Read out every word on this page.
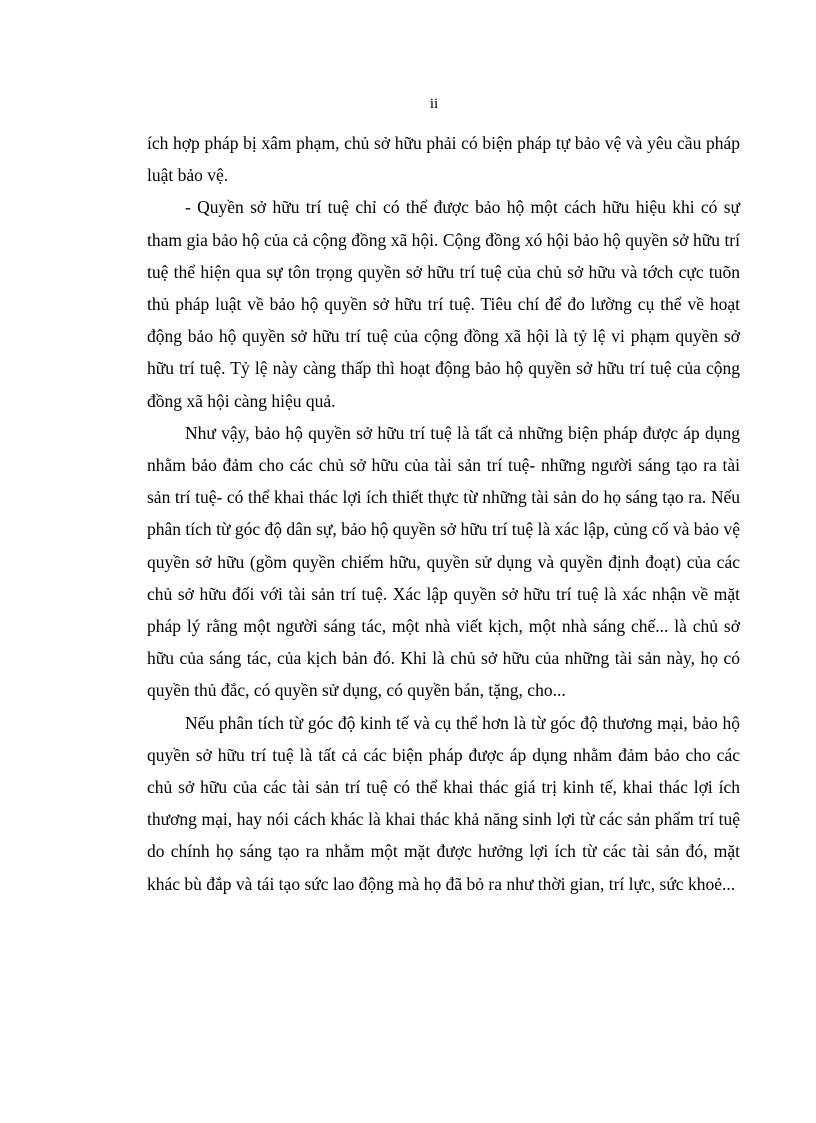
ii

ích hợp pháp bị xâm phạm, chủ sở hữu phải có biện pháp tự bảo vệ và yêu cầu pháp luật bảo vệ.

- Quyền sở hữu trí tuệ chỉ có thể được bảo hộ một cách hữu hiệu khi có sự tham gia bảo hộ của cả cộng đồng xã hội. Cộng đồng xó hội bảo hộ quyền sở hữu trí tuệ thể hiện qua sự tôn trọng quyền sở hữu trí tuệ của chủ sở hữu và tớch cực tuõn thủ pháp luật về bảo hộ quyền sở hữu trí tuệ. Tiêu chí để đo lường cụ thể về hoạt động bảo hộ quyền sở hữu trí tuệ của cộng đồng xã hội là tỷ lệ vi phạm quyền sở hữu trí tuệ. Tỷ lệ này càng thấp thì hoạt động bảo hộ quyền sở hữu trí tuệ của cộng đồng xã hội càng hiệu quả.

Như vậy, bảo hộ quyền sở hữu trí tuệ là tất cả những biện pháp được áp dụng nhằm bảo đảm cho các chủ sở hữu của tài sản trí tuệ- những người sáng tạo ra tài sản trí tuệ- có thể khai thác lợi ích thiết thực từ những tài sản do họ sáng tạo ra. Nếu phân tích từ góc độ dân sự, bảo hộ quyền sở hữu trí tuệ là xác lập, củng cố và bảo vệ quyền sở hữu (gồm quyền chiếm hữu, quyền sử dụng và quyền định đoạt) của các chủ sở hữu đối với tài sản trí tuệ. Xác lập quyền sở hữu trí tuệ là xác nhận về mặt pháp lý rằng một người sáng tác, một nhà viết kịch, một nhà sáng chế... là chủ sở hữu của sáng tác, của kịch bản đó. Khi là chủ sở hữu của những tài sản này, họ có quyền thủ đắc, có quyền sử dụng, có quyền bán, tặng, cho...

Nếu phân tích từ góc độ kinh tế và cụ thể hơn là từ góc độ thương mại, bảo hộ quyền sở hữu trí tuệ là tất cả các biện pháp được áp dụng nhằm đảm bảo cho các chủ sở hữu của các tài sản trí tuệ có thể khai thác giá trị kinh tế, khai thác lợi ích thương mại, hay nói cách khác là khai thác khả năng sinh lợi từ các sản phẩm trí tuệ do chính họ sáng tạo ra nhằm một mặt được hưởng lợi ích từ các tài sản đó, mặt khác bù đắp và tái tạo sức lao động mà họ đã bỏ ra như thời gian, trí lực, sức khoẻ...
